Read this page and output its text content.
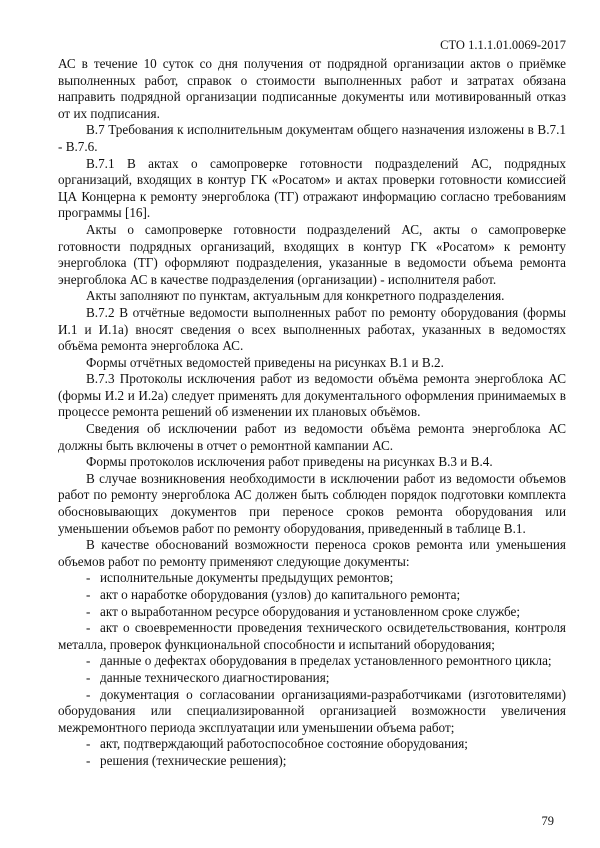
СТО 1.1.1.01.0069-2017

АС в течение 10 суток со дня получения от подрядной организации актов о приёмке выполненных работ, справок о стоимости выполненных работ и затратах обязана направить подрядной организации подписанные документы или мотивированный отказ от их подписания.

В.7 Требования к исполнительным документам общего назначения изложены в В.7.1 - В.7.6.

В.7.1 В актах о самопроверке готовности подразделений АС, подрядных организаций, входящих в контур ГК «Росатом» и актах проверки готовности комиссией ЦА Концерна к ремонту энергоблока (ТГ) отражают информацию согласно требованиям программы [16].

Акты о самопроверке готовности подразделений АС, акты о самопроверке готовности подрядных организаций, входящих в контур ГК «Росатом» к ремонту энергоблока (ТГ) оформляют подразделения, указанные в ведомости объема ремонта энергоблока АС в качестве подразделения (организации) - исполнителя работ.

Акты заполняют по пунктам, актуальным для конкретного подразделения.

В.7.2 В отчётные ведомости выполненных работ по ремонту оборудования (формы И.1 и И.1а) вносят сведения о всех выполненных работах, указанных в ведомостях объёма ремонта энергоблока АС.

Формы отчётных ведомостей приведены на рисунках В.1 и В.2.

В.7.3 Протоколы исключения работ из ведомости объёма ремонта энергоблока АС (формы И.2 и И.2а) следует применять для документального оформления принимаемых в процессе ремонта решений об изменении их плановых объёмов.

Сведения об исключении работ из ведомости объёма ремонта энергоблока АС должны быть включены в отчет о ремонтной кампании АС.

Формы протоколов исключения работ приведены на рисунках В.3 и В.4.

В случае возникновения необходимости в исключении работ из ведомости объемов работ по ремонту энергоблока АС должен быть соблюден порядок подготовки комплекта обосновывающих документов при переносе сроков ремонта оборудования или уменьшении объемов работ по ремонту оборудования, приведенный в таблице В.1.

В качестве обоснований возможности переноса сроков ремонта или уменьшения объемов работ по ремонту применяют следующие документы:

- исполнительные документы предыдущих ремонтов;
- акт о наработке оборудования (узлов) до капитального ремонта;
- акт о выработанном ресурсе оборудования и установленном сроке службе;
- акт о своевременности проведения технического освидетельствования, контроля металла, проверок функциональной способности и испытаний оборудования;
- данные о дефектах оборудования в пределах установленного ремонтного цикла;
- данные технического диагностирования;
- документация о согласовании организациями-разработчиками (изготовителями) оборудования или специализированной организацией возможности увеличения межремонтного периода эксплуатации или уменьшении объема работ;
- акт, подтверждающий работоспособное состояние оборудования;
- решения (технические решения);
79
